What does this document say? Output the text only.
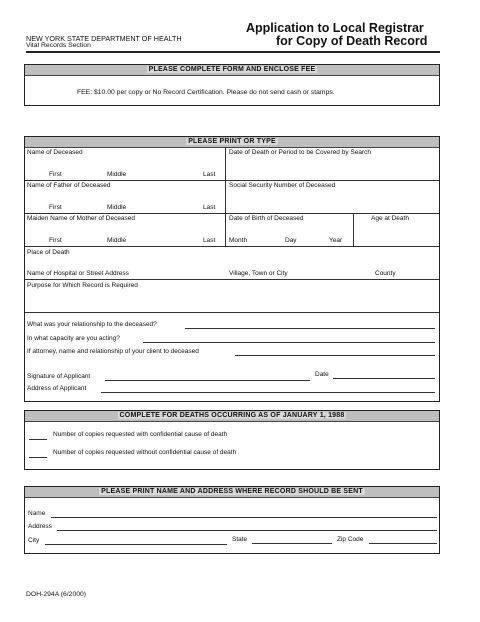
NEW YORK STATE DEPARTMENT OF HEALTH
Vital Records Section
Application to Local Registrar
for Copy of Death Record
PLEASE COMPLETE FORM AND ENCLOSE FEE
FEE: $10.00 per copy or No Record Certification. Please do not send cash or stamps.
PLEASE PRINT OR TYPE
Name of Deceased
First	Middle	Last
Date of Death or Period to be Covered by Search
Name of Father of Deceased
First	Middle	Last
Social Security Number of Deceased
Maiden Name of Mother of Deceased
First	Middle	Last
Date of Birth of Deceased
Month	Day	Year
Age at Death
Place of Death
Name of Hospital or Street Address	Village, Town or City	County
Purpose for Which Record is Required
What was your relationship to the deceased?
In what capacity are you acting?
If attorney, name and relationship of your client to deceased
Signature of Applicant	Date
Address of Applicant
COMPLETE FOR DEATHS OCCURRING AS OF JANUARY 1, 1988
Number of copies requested with confidential cause of death
Number of copies requested without confidential cause of death
PLEASE PRINT NAME AND ADDRESS WHERE RECORD SHOULD BE SENT
Name
Address
City	State	Zip Code
DOH-294A (6/2000)
